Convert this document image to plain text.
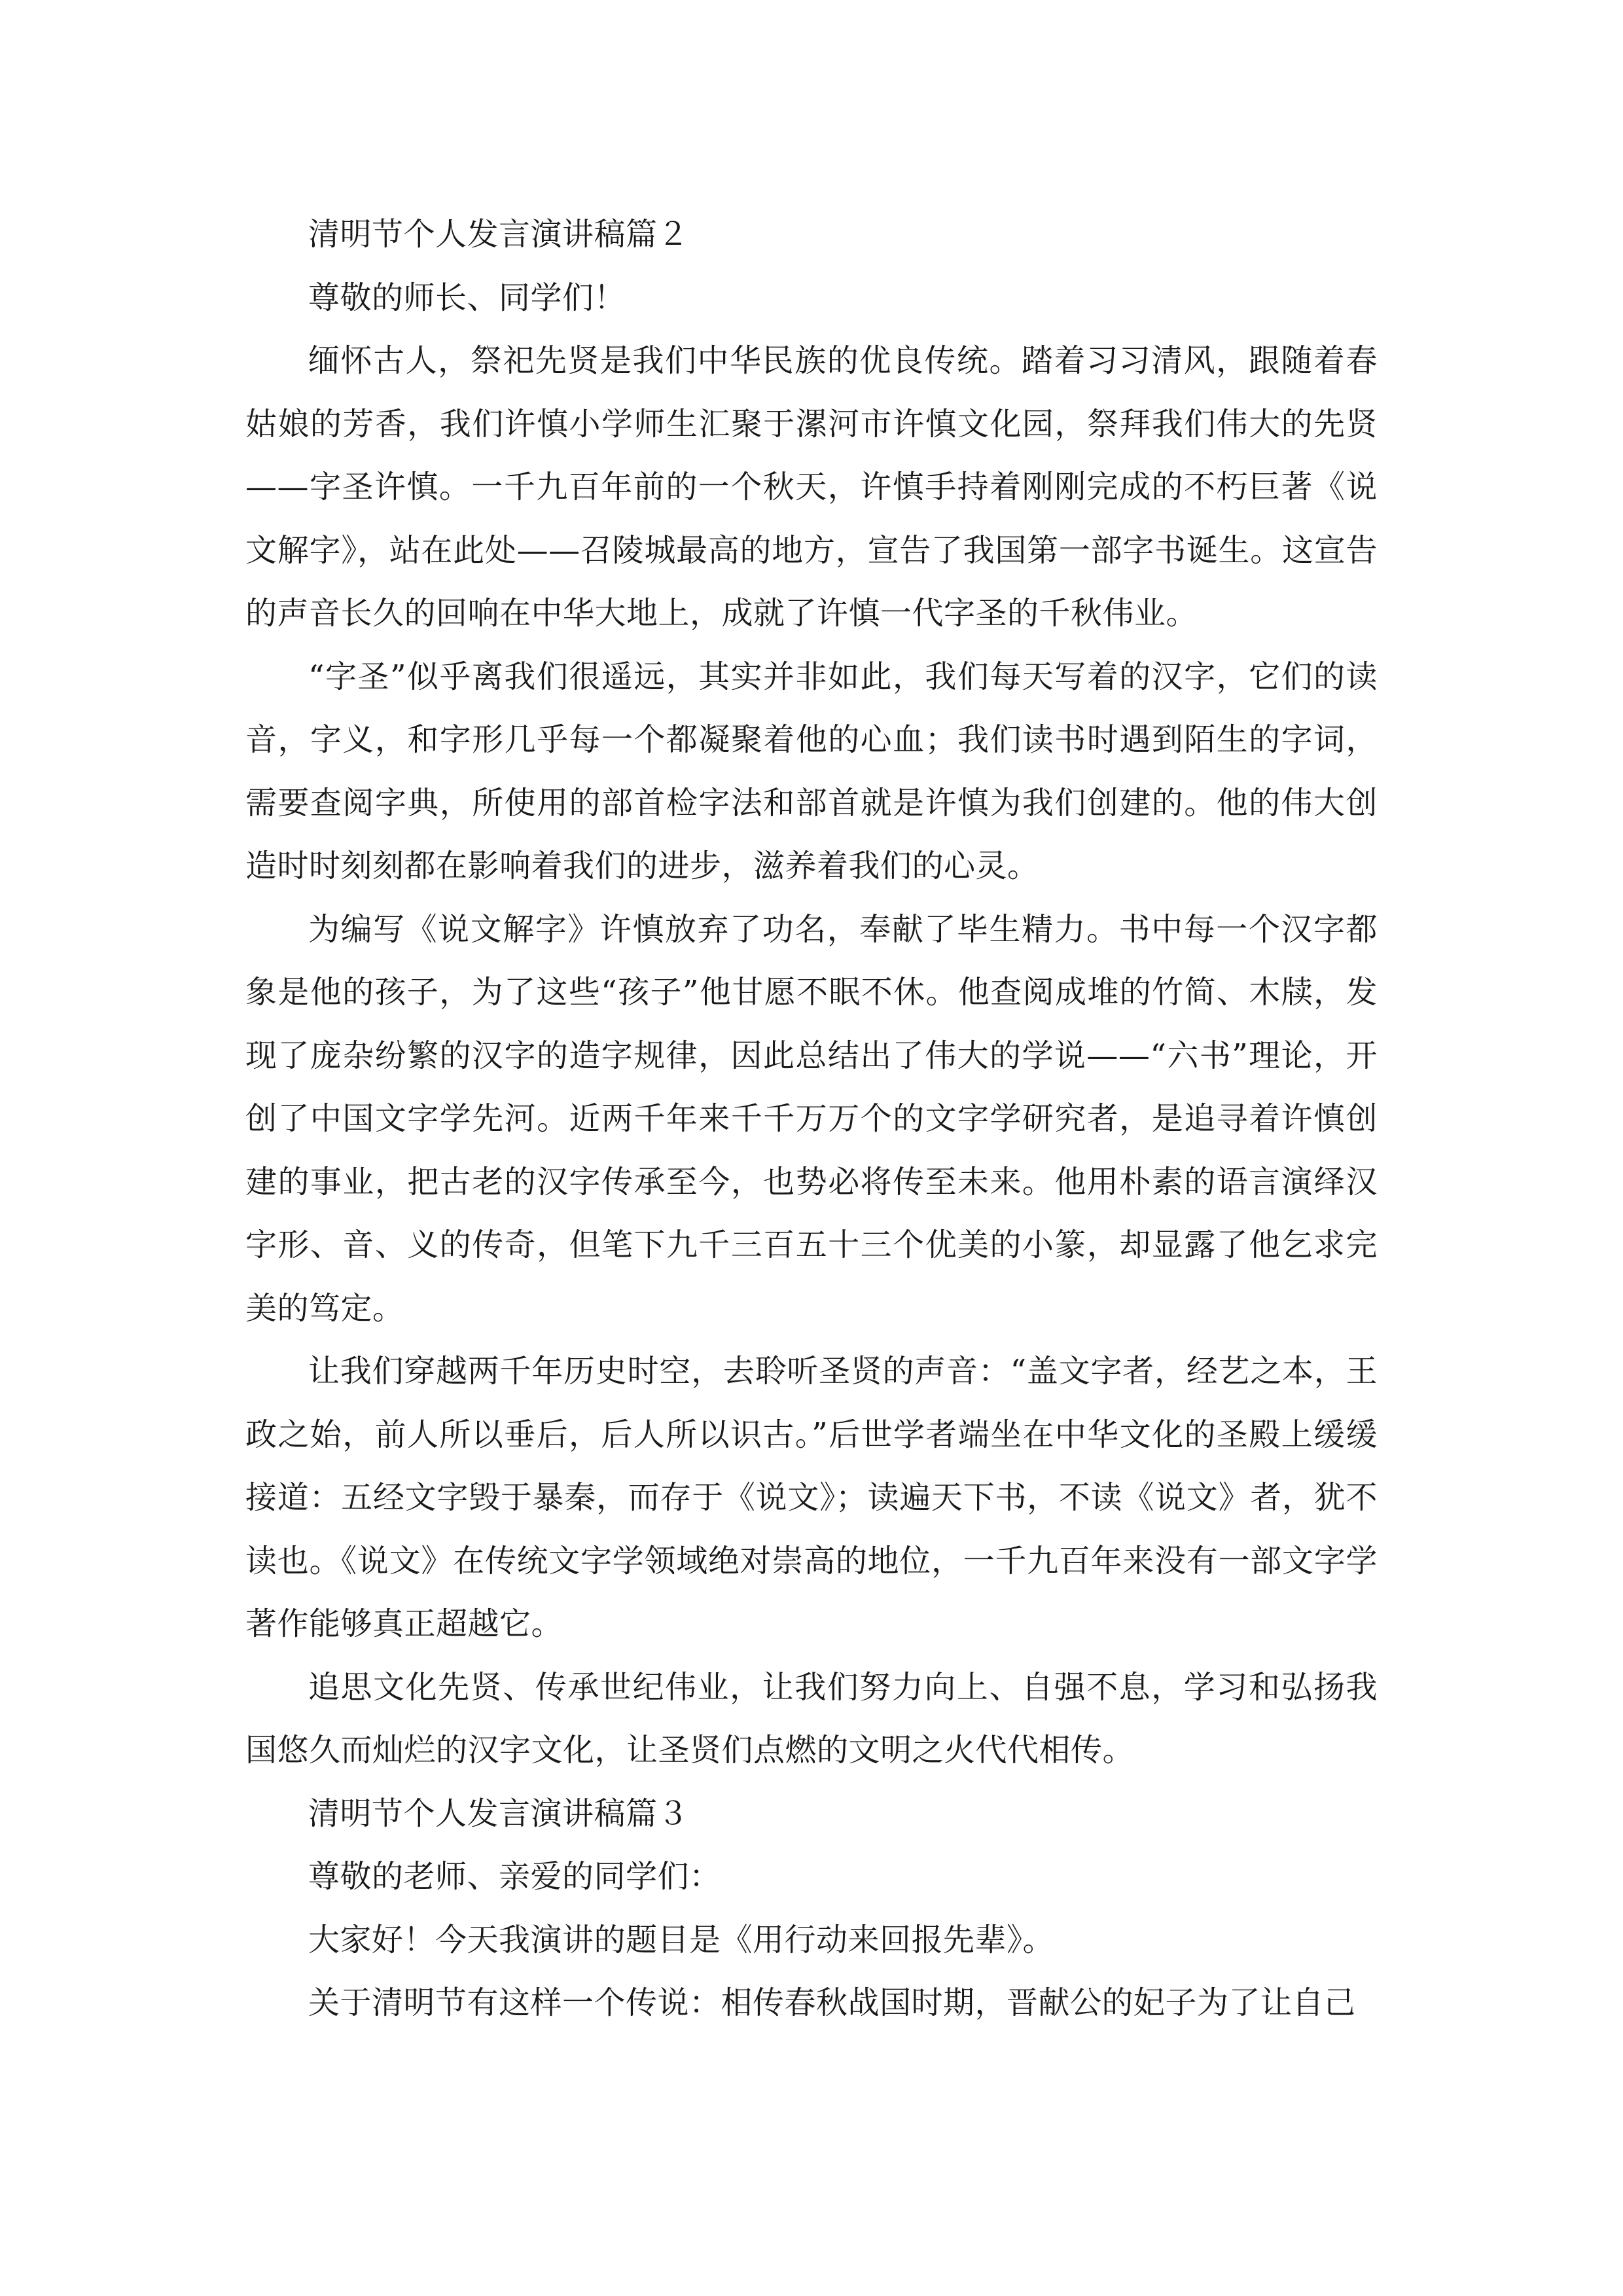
清明节个人发言演讲稿篇２

尊敬的师长、同学们！

缅怀古人，祭祀先贤是我们中华民族的优良传统。踏着习习清风，跟随着春姑娘的芳香，我们许慎小学师生汇聚于漯河市许慎文化园，祭拜我们伟大的先贤——字圣许慎。一千九百年前的一个秋天，许慎手持着刚刚完成的不朽巨著《说文解字》，站在此处——召陵城最高的地方，宣告了我国第一部字书诞生。这宣告的声音长久的回响在中华大地上，成就了许慎一代字圣的千秋伟业。

“字圣”似乎离我们很遥远，其实并非如此，我们每天写着的汉字，它们的读音，字义，和字形几乎每一个都凝聚着他的心血；我们读书时遇到陌生的字词，需要查阅字典，所使用的部首检字法和部首就是许慎为我们创建的。他的伟大创造时时刻刻都在影响着我们的进步，滋养着我们的心灵。

为编写《说文解字》许慎放弃了功名，奉献了毕生精力。书中每一个汉字都象是他的孩子，为了这些“孩子”他甘愿不眠不休。他查阅成堆的竹简、木牍，发现了庞杂纷繁的汉字的造字规律，因此总结出了伟大的学说——“六书”理论，开创了中国文字学先河。近两千年来千千万万个的文字学研究者，是追寻着许慎创建的事业，把古老的汉字传承至今，也势必将传至未来。他用朴素的语言演绎汉字形、音、义的传奇，但笔下九千三百五十三个优美的小篆，却显露了他乞求完美的笃定。

让我们穿越两千年历史时空，去聆听圣贤的声音：“盖文字者，经艺之本，王政之始，前人所以垂后，后人所以识古。”后世学者端坐在中华文化的圣殿上缓缓接道：五经文字毁于暴秦，而存于《说文》；读遍天下书，不读《说文》者，犹不读也。《说文》在传统文字学领域绝对崇高的地位，一千九百年来没有一部文字学著作能够真正超越它。

追思文化先贤、传承世纪伟业，让我们努力向上、自强不息，学习和弘扬我国悠久而灿烂的汉字文化，让圣贤们点燃的文明之火代代相传。

清明节个人发言演讲稿篇３

尊敬的老师、亲爱的同学们：

大家好！今天我演讲的题目是《用行动来回报先辈》。

关于清明节有这样一个传说：相传春秋战国时期，晋献公的妃子为了让自己
